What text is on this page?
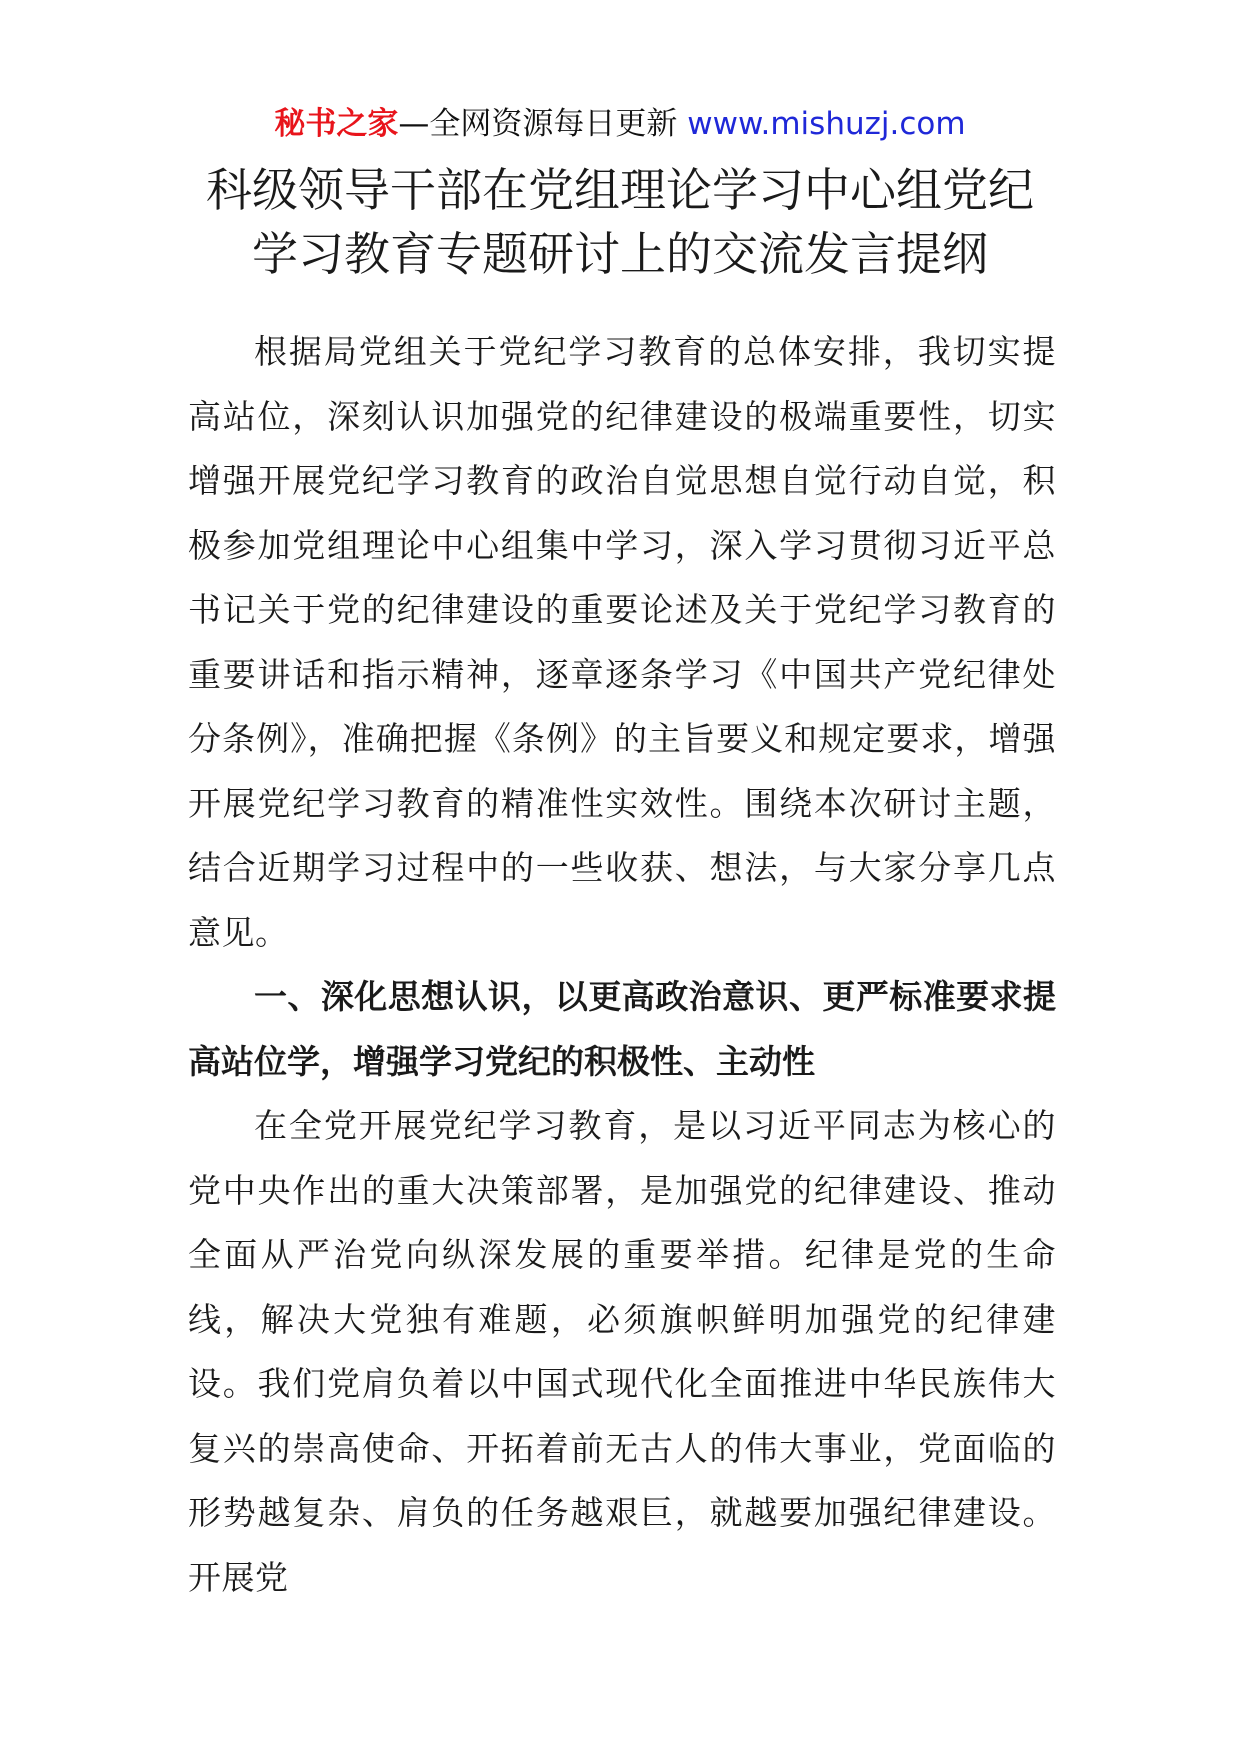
秘书之家—全网资源每日更新 www.mishuzj.com
科级领导干部在党组理论学习中心组党纪
学习教育专题研讨上的交流发言提纲

根据局党组关于党纪学习教育的总体安排，我切实提高站位，深刻认识加强党的纪律建设的极端重要性，切实增强开展党纪学习教育的政治自觉思想自觉行动自觉，积极参加党组理论中心组集中学习，深入学习贯彻习近平总书记关于党的纪律建设的重要论述及关于党纪学习教育的重要讲话和指示精神，逐章逐条学习《中国共产党纪律处分条例》，准确把握《条例》的主旨要义和规定要求，增强开展党纪学习教育的精准性实效性。围绕本次研讨主题，结合近期学习过程中的一些收获、想法，与大家分享几点意见。

一、深化思想认识，以更高政治意识、更严标准要求提高站位学，增强学习党纪的积极性、主动性

在全党开展党纪学习教育，是以习近平同志为核心的党中央作出的重大决策部署，是加强党的纪律建设、推动全面从严治党向纵深发展的重要举措。纪律是党的生命线，解决大党独有难题，必须旗帜鲜明加强党的纪律建设。我们党肩负着以中国式现代化全面推进中华民族伟大复兴的崇高使命、开拓着前无古人的伟大事业，党面临的形势越复杂、肩负的任务越艰巨，就越要加强纪律建设。开展党
